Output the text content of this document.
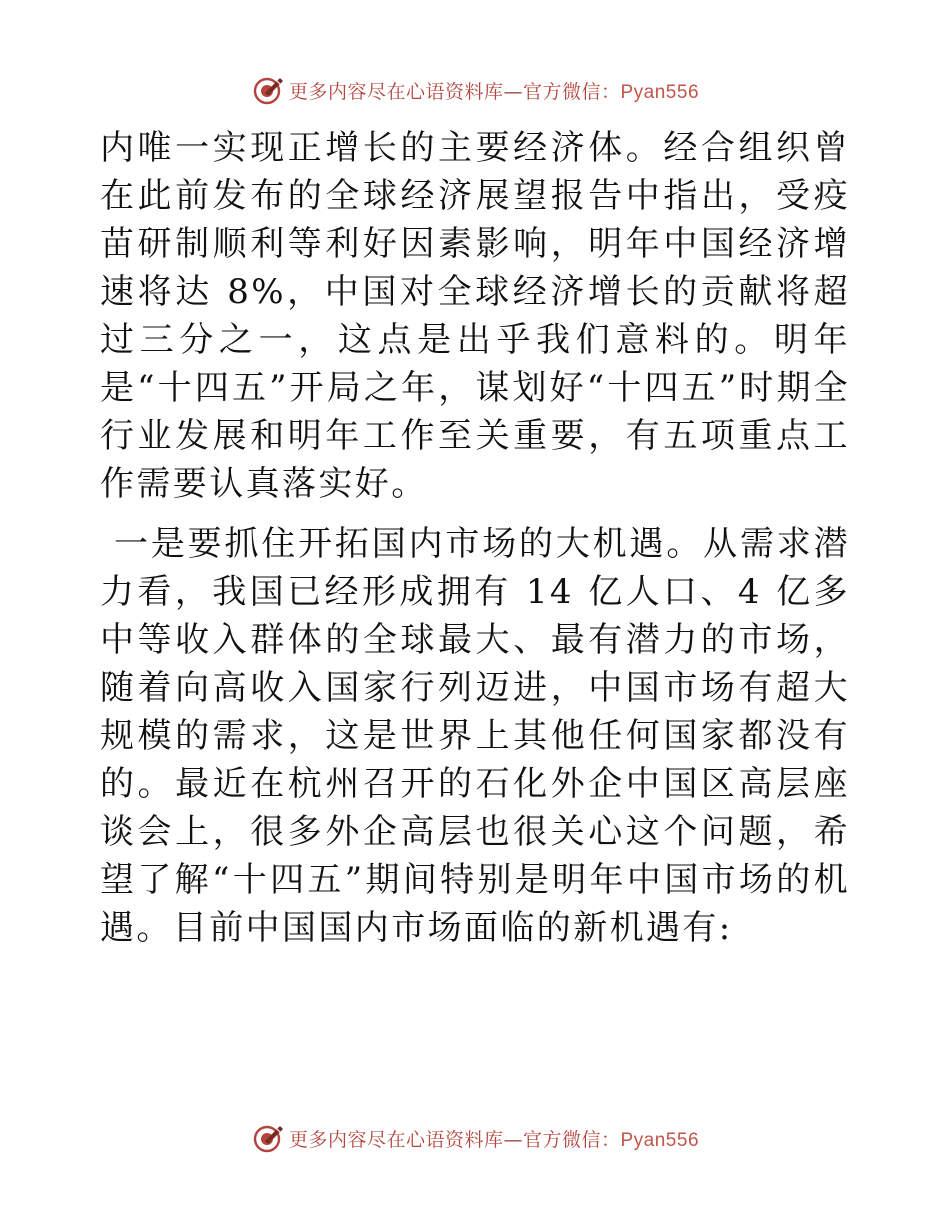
更多内容尽在心语资料库—官方微信：Pyan556

内唯一实现正增长的主要经济体。经合组织曾在此前发布的全球经济展望报告中指出，受疫苗研制顺利等利好因素影响，明年中国经济增速将达 8%，中国对全球经济增长的贡献将超过三分之一，这点是出乎我们意料的。明年是“十四五”开局之年，谋划好“十四五”时期全行业发展和明年工作至关重要，有五项重点工作需要认真落实好。

一是要抓住开拓国内市场的大机遇。从需求潜力看，我国已经形成拥有 14 亿人口、4 亿多中等收入群体的全球最大、最有潜力的市场，随着向高收入国家行列迈进，中国市场有超大规模的需求，这是世界上其他任何国家都没有的。最近在杭州召开的石化外企中国区高层座谈会上，很多外企高层也很关心这个问题，希望了解“十四五”期间特别是明年中国市场的机遇。目前中国国内市场面临的新机遇有:

更多内容尽在心语资料库—官方微信：Pyan556
